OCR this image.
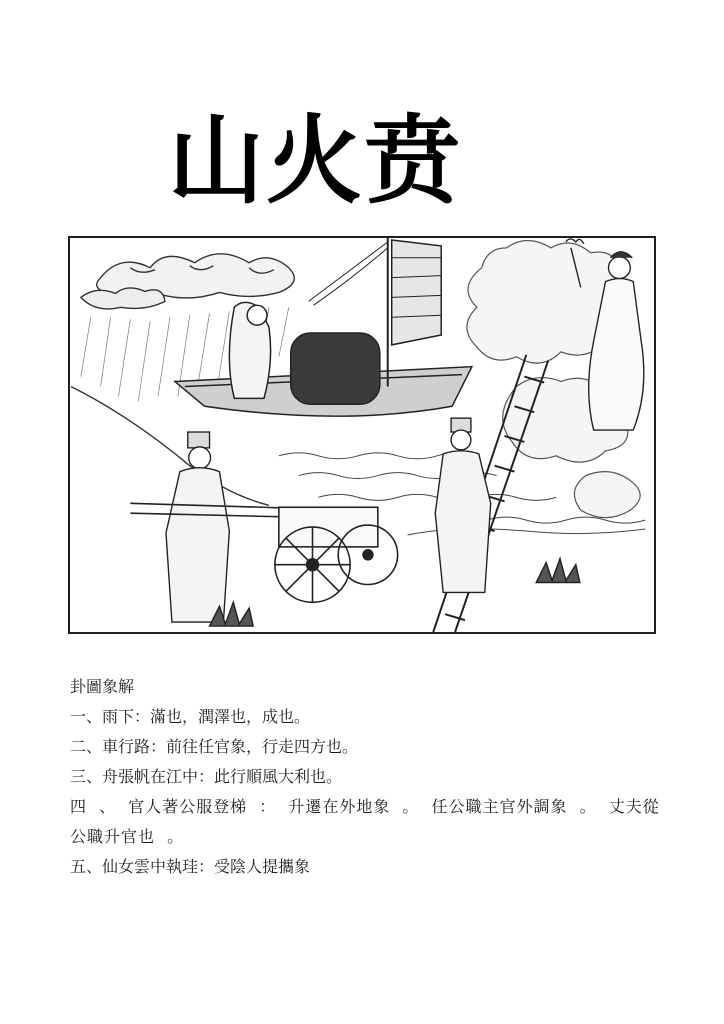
山火贲

卦圖象解

一、雨下：滿也，潤澤也，成也。

二、車行路：前往任官象，行走四方也。

三、舟張帆在江中：此行順風大利也。

四 、 官人著公服登梯 ： 升遷在外地象 。 任公職主官外調象 。 丈夫從公職升官也 。

五、仙女雲中執珪：受陰人提攜象
